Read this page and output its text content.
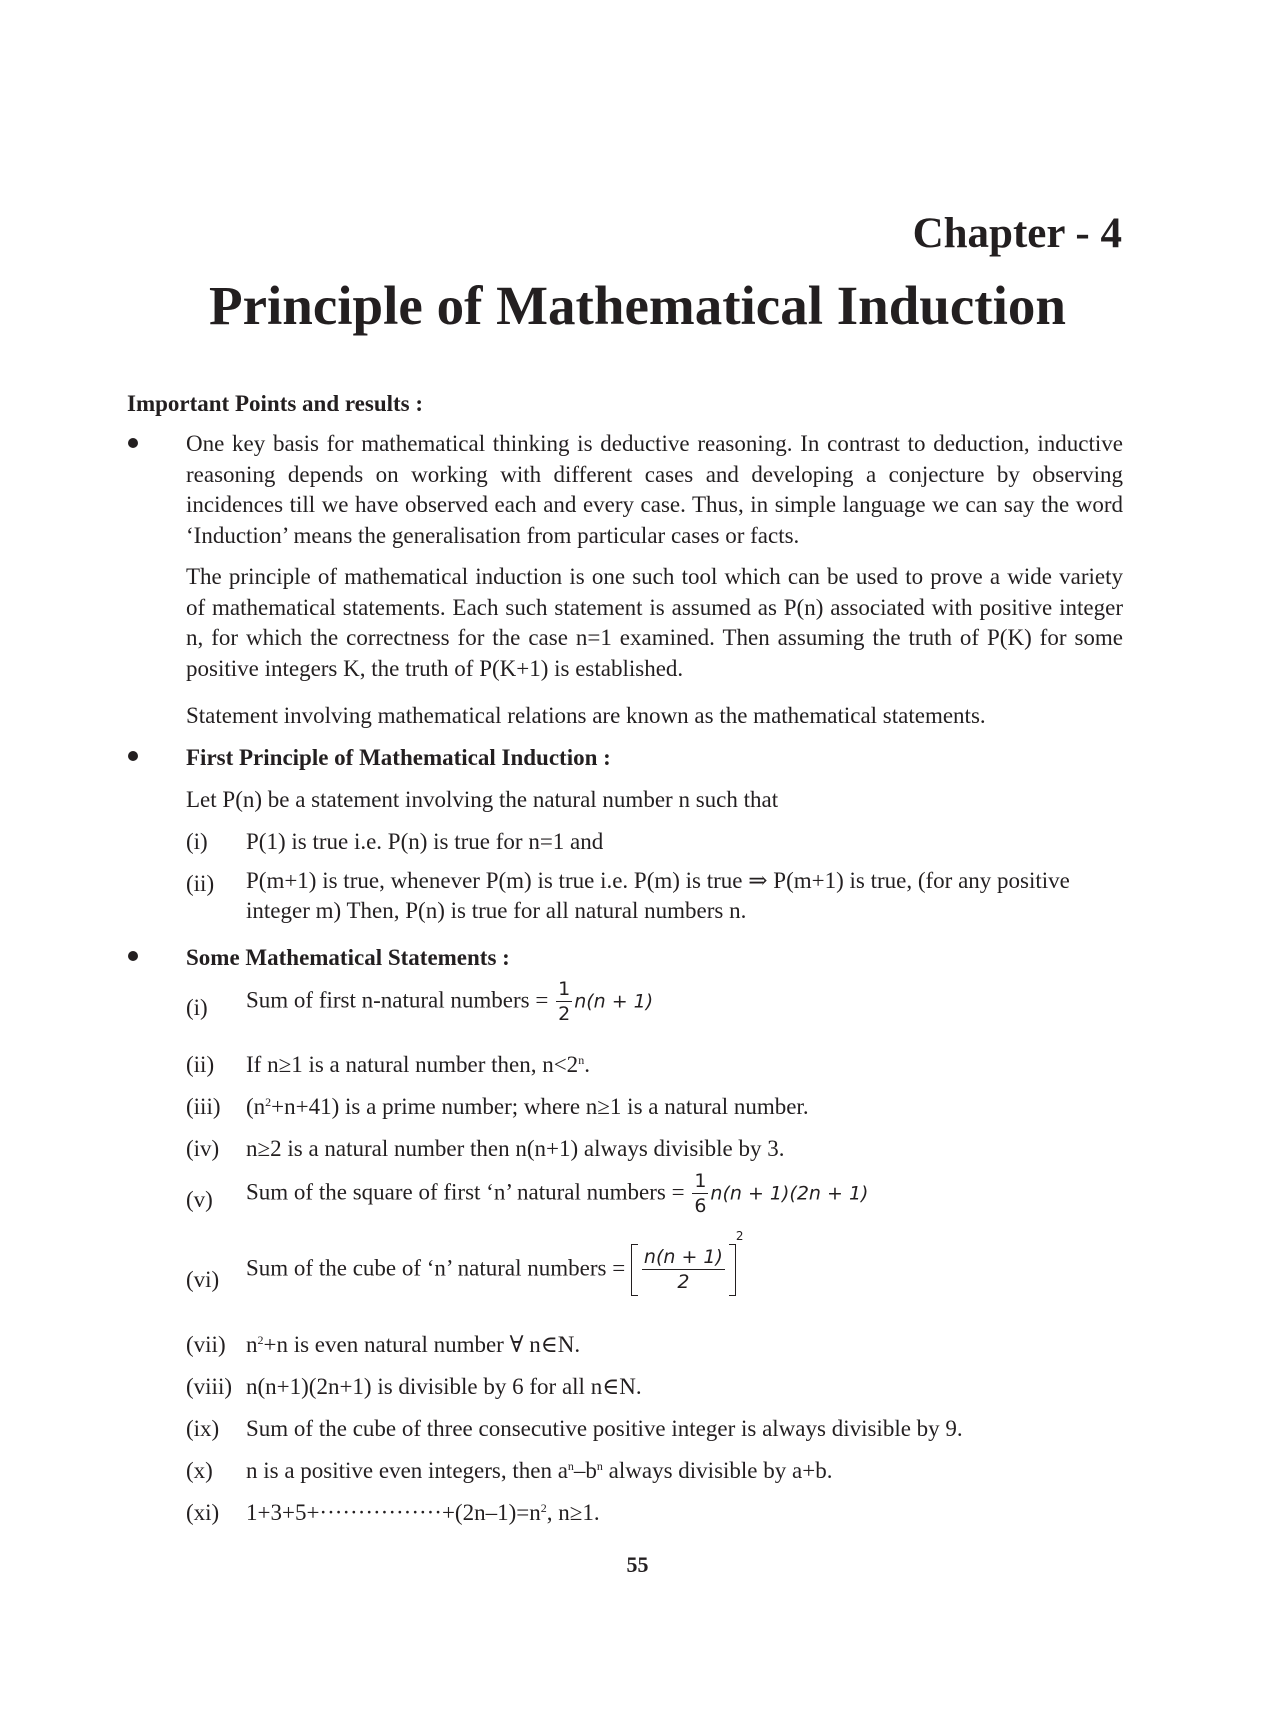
Chapter - 4
Principle of Mathematical Induction
Important Points and results :
One key basis for mathematical thinking is deductive reasoning. In contrast to deduction, inductive reasoning depends on working with different cases and developing a conjecture by observing incidences till we have observed each and every case. Thus, in simple language we can say the word ‘Induction’ means the generalisation from particular cases or facts.
The principle of mathematical induction is one such tool which can be used to prove a wide variety of mathematical statements. Each such statement is assumed as P(n) associated with positive integer n, for which the correctness for the case n=1 examined. Then assuming the truth of P(K) for some positive integers K, the truth of P(K+1) is established.
Statement involving mathematical relations are known as the mathematical statements.
First Principle of Mathematical Induction :
Let P(n) be a statement involving the natural number n such that
(i) P(1) is true i.e. P(n) is true for n=1 and
(ii) P(m+1) is true, whenever P(m) is true i.e. P(m) is true ⇒ P(m+1) is true, (for any positive integer m) Then, P(n) is true for all natural numbers n.
Some Mathematical Statements :
(i) Sum of first n-natural numbers = $\frac{1}{2} n(n + 1)$
(ii) If n≥1 is a natural number then, $n<2^n$.
(iii) $(n^2+n+41)$ is a prime number; where n≥1 is a natural number.
(iv) n≥2 is a natural number then n(n+1) always divisible by 3.
(v) Sum of the square of first ‘n’ natural numbers = $\frac{1}{6} n(n + 1)(2n + 1)$
(vi) Sum of the cube of ‘n’ natural numbers = $\frac{n(n + 1)}{2}$
2
(vii) $n^2+n$ is even natural number ∀ n∈N.
(viii) n(n+1)(2n+1) is divisible by 6 for all n∈N.
(ix) Sum of the cube of three consecutive positive integer is always divisible by 9.
(x) n is a positive even integers, then $a^n-b^n$ always divisible by a+b.
(xi) $1+3+5+\cdot\cdot\cdot\cdot\cdot\cdot\cdot\cdot\cdot\cdot\cdot\cdot\cdot\cdot\cdot\cdot+(2n-1)=n^2$, n≥1.
55
